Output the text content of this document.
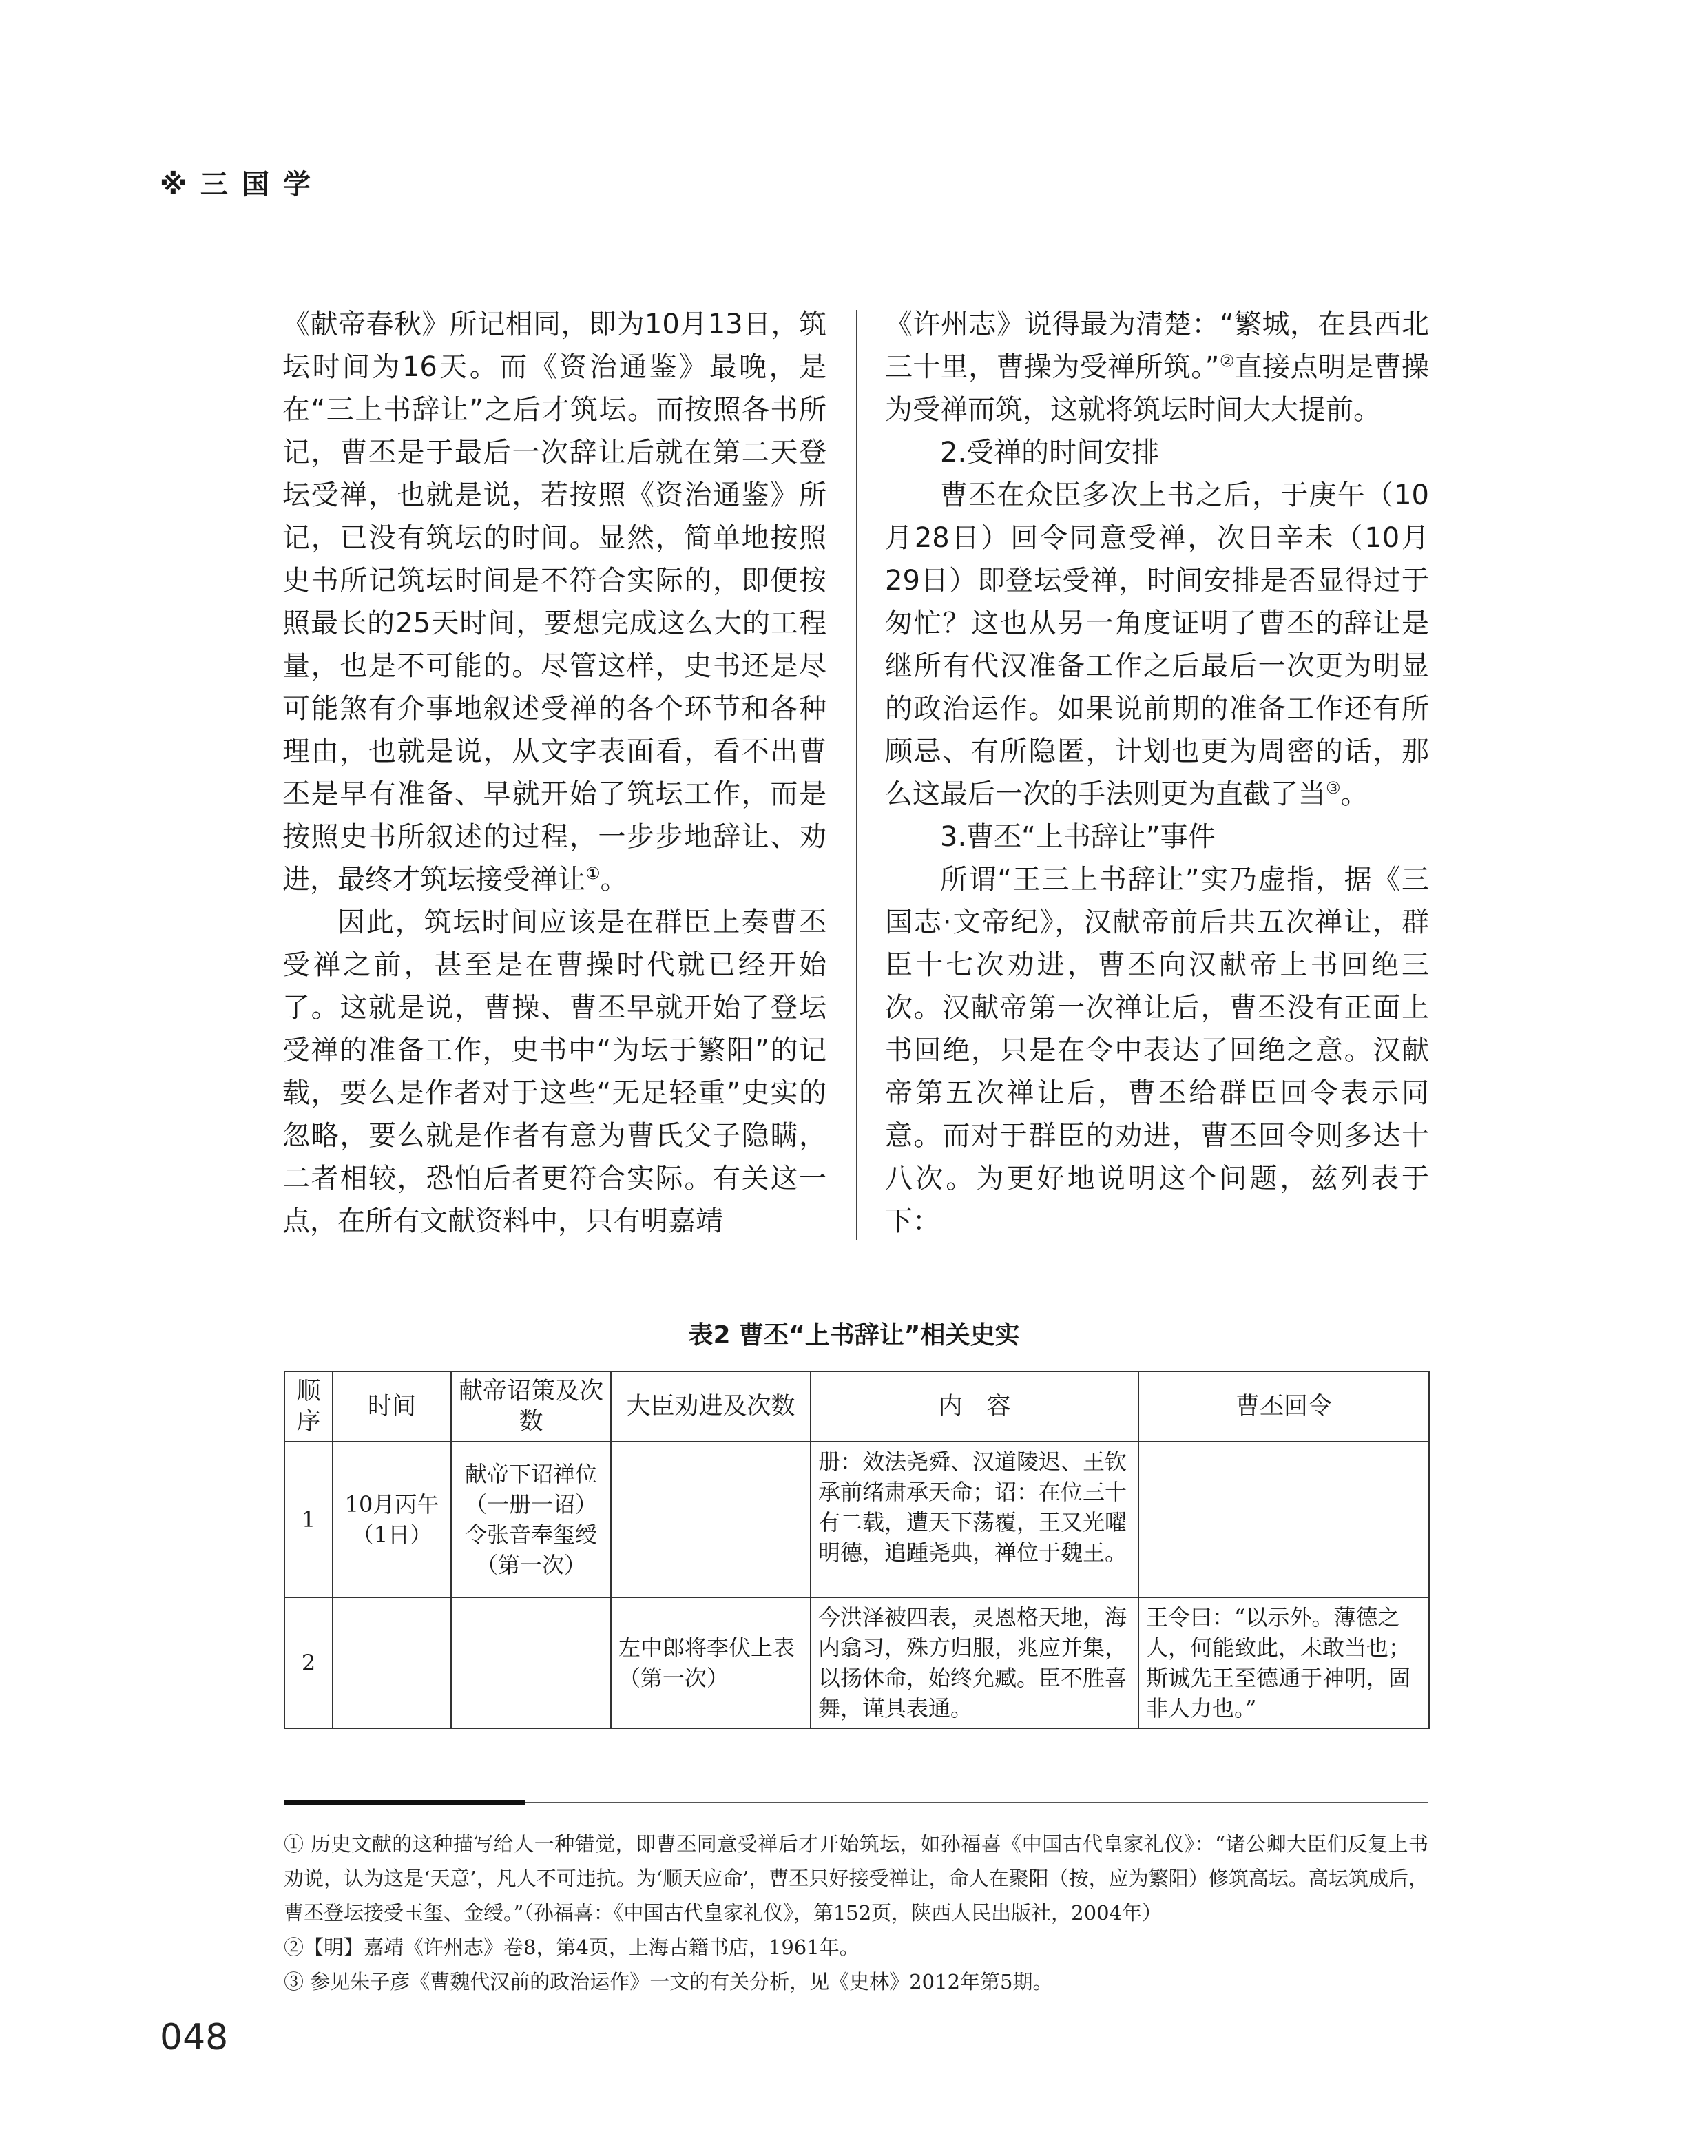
※三国学

《献帝春秋》所记相同，即为10月13日，筑坛时间为16天。而《资治通鉴》最晚，是在“三上书辞让”之后才筑坛。而按照各书所记，曹丕是于最后一次辞让后就在第二天登坛受禅，也就是说，若按照《资治通鉴》所记，已没有筑坛的时间。显然，简单地按照史书所记筑坛时间是不符合实际的，即便按照最长的25天时间，要想完成这么大的工程量，也是不可能的。尽管这样，史书还是尽可能煞有介事地叙述受禅的各个环节和各种理由，也就是说，从文字表面看，看不出曹丕是早有准备、早就开始了筑坛工作，而是按照史书所叙述的过程，一步步地辞让、劝进，最终才筑坛接受禅让①。

因此，筑坛时间应该是在群臣上奏曹丕受禅之前，甚至是在曹操时代就已经开始了。这就是说，曹操、曹丕早就开始了登坛受禅的准备工作，史书中“为坛于繁阳”的记载，要么是作者对于这些“无足轻重”史实的忽略，要么就是作者有意为曹氏父子隐瞒，二者相较，恐怕后者更符合实际。有关这一点，在所有文献资料中，只有明嘉靖

《许州志》说得最为清楚：“繁城，在县西北三十里，曹操为受禅所筑。”②直接点明是曹操为受禅而筑，这就将筑坛时间大大提前。

2.受禅的时间安排

曹丕在众臣多次上书之后，于庚午（10月28日）回令同意受禅，次日辛未（10月29日）即登坛受禅，时间安排是否显得过于匆忙？这也从另一角度证明了曹丕的辞让是继所有代汉准备工作之后最后一次更为明显的政治运作。如果说前期的准备工作还有所顾忌、有所隐匿，计划也更为周密的话，那么这最后一次的手法则更为直截了当③。

3.曹丕“上书辞让”事件

所谓“王三上书辞让”实乃虚指，据《三国志·文帝纪》，汉献帝前后共五次禅让，群臣十七次劝进，曹丕向汉献帝上书回绝三次。汉献帝第一次禅让后，曹丕没有正面上书回绝，只是在令中表达了回绝之意。汉献帝第五次禅让后，曹丕给群臣回令表示同意。而对于群臣的劝进，曹丕回令则多达十八次。为更好地说明这个问题，兹列表于下：

表2 曹丕“上书辞让”相关史实
顺序	时间	献帝诏策及次数	大臣劝进及次数	内　容	曹丕回令
1	10月丙午（1日）	献帝下诏禅位（一册一诏）令张音奉玺绶（第一次）		册：效法尧舜、汉道陵迟、王钦承前绪肃承天命；诏：在位三十有二载，遭天下荡覆，王又光曜明德，追踵尧典，禅位于魏王。	
2			左中郎将李伏上表（第一次）	今洪泽被四表，灵恩格天地，海内翕习，殊方归服，兆应并集，以扬休命，始终允臧。臣不胜喜舞，谨具表通。	王令曰：“以示外。薄德之人，何能致此，未敢当也；斯诚先王至德通于神明，固非人力也。”

① 历史文献的这种描写给人一种错觉，即曹丕同意受禅后才开始筑坛，如孙福喜《中国古代皇家礼仪》：“诸公卿大臣们反复上书劝说，认为这是‘天意’，凡人不可违抗。为‘顺天应命’，曹丕只好接受禅让，命人在聚阳（按，应为繁阳）修筑高坛。高坛筑成后，曹丕登坛接受玉玺、金绶。”（孙福喜：《中国古代皇家礼仪》，第152页，陕西人民出版社，2004年）

②【明】嘉靖《许州志》卷8，第4页，上海古籍书店，1961年。

③ 参见朱子彦《曹魏代汉前的政治运作》一文的有关分析，见《史林》2012年第5期。

048
